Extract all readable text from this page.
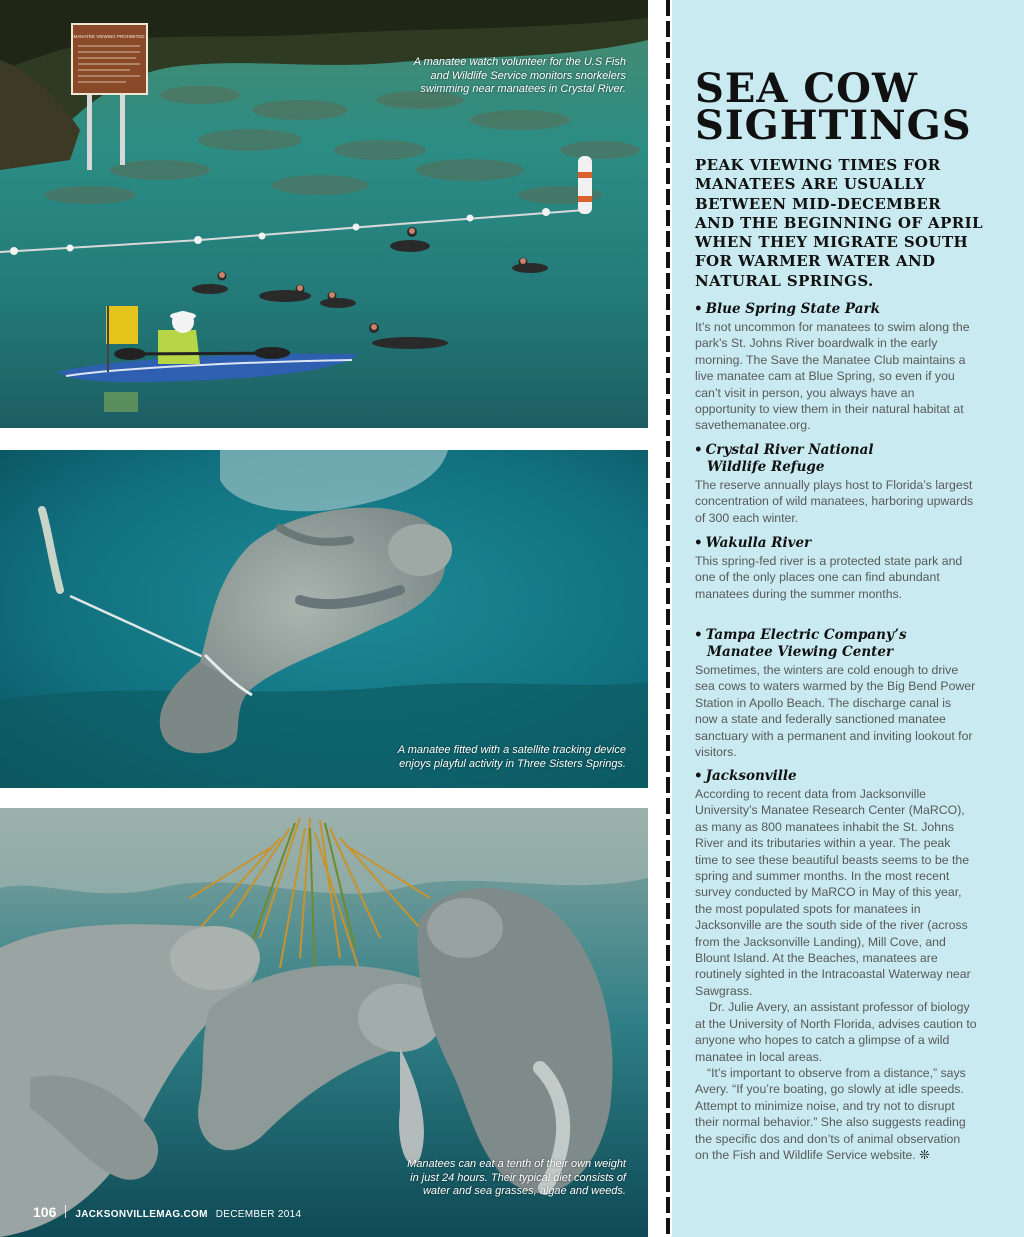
MANATEE VIEWING PROHIBITED
A manatee watch volunteer for the U.S Fish
and Wildlife Service monitors snorkelers
swimming near manatees in Crystal River.
A manatee fitted with a satellite tracking device
enjoys playful activity in Three Sisters Springs.
Manatees can eat a tenth of their own weight
in just 24 hours. Their typical diet consists of
water and sea grasses, algae and weeds.
106 JACKSONVILLEMAG.COM DECEMBER 2014
SEA COW
SIGHTINGS

PEAK VIEWING TIMES FOR MANATEES ARE USUALLY BETWEEN MID-DECEMBER AND THE BEGINNING OF APRIL WHEN THEY MIGRATE SOUTH FOR WARMER WATER AND NATURAL SPRINGS.

• Blue Spring State Park

It’s not uncommon for manatees to swim along the park’s St. Johns River boardwalk in the early morning. The Save the Manatee Club maintains a live manatee cam at Blue Spring, so even if you can’t visit in person, you always have an opportunity to view them in their natural habitat at savethemanatee.org.

• Crystal River National
Wildlife Refuge

The reserve annually plays host to Florida’s largest concentration of wild manatees, harboring upwards of 300 each winter.

• Wakulla River

This spring-fed river is a protected state park and one of the only places one can find abundant manatees during the summer months.

• Tampa Electric Company’s
Manatee Viewing Center

Sometimes, the winters are cold enough to drive sea cows to waters warmed by the Big Bend Power Station in Apollo Beach. The discharge canal is now a state and federally sanctioned manatee sanctuary with a permanent and inviting lookout for visitors.

• Jacksonville

According to recent data from Jacksonville University’s Manatee Research Center (MaRCO), as many as 800 manatees inhabit the St. Johns River and its tributaries within a year. The peak time to see these beautiful beasts seems to be the spring and summer months. In the most recent survey conducted by MaRCO in May of this year, the most populated spots for manatees in Jacksonville are the south side of the river (across from the Jacksonville Landing), Mill Cove, and Blount Island. At the Beaches, manatees are routinely sighted in the Intracoastal Waterway near Sawgrass.
Dr. Julie Avery, an assistant professor of biology at the University of North Florida, advises caution to anyone who hopes to catch a glimpse of a wild manatee in local areas.
“It’s important to observe from a distance,” says Avery. “If you’re boating, go slowly at idle speeds. Attempt to minimize noise, and try not to disrupt their normal behavior.” She also suggests reading the specific dos and don’ts of animal observation on the Fish and Wildlife Service website. ❊
